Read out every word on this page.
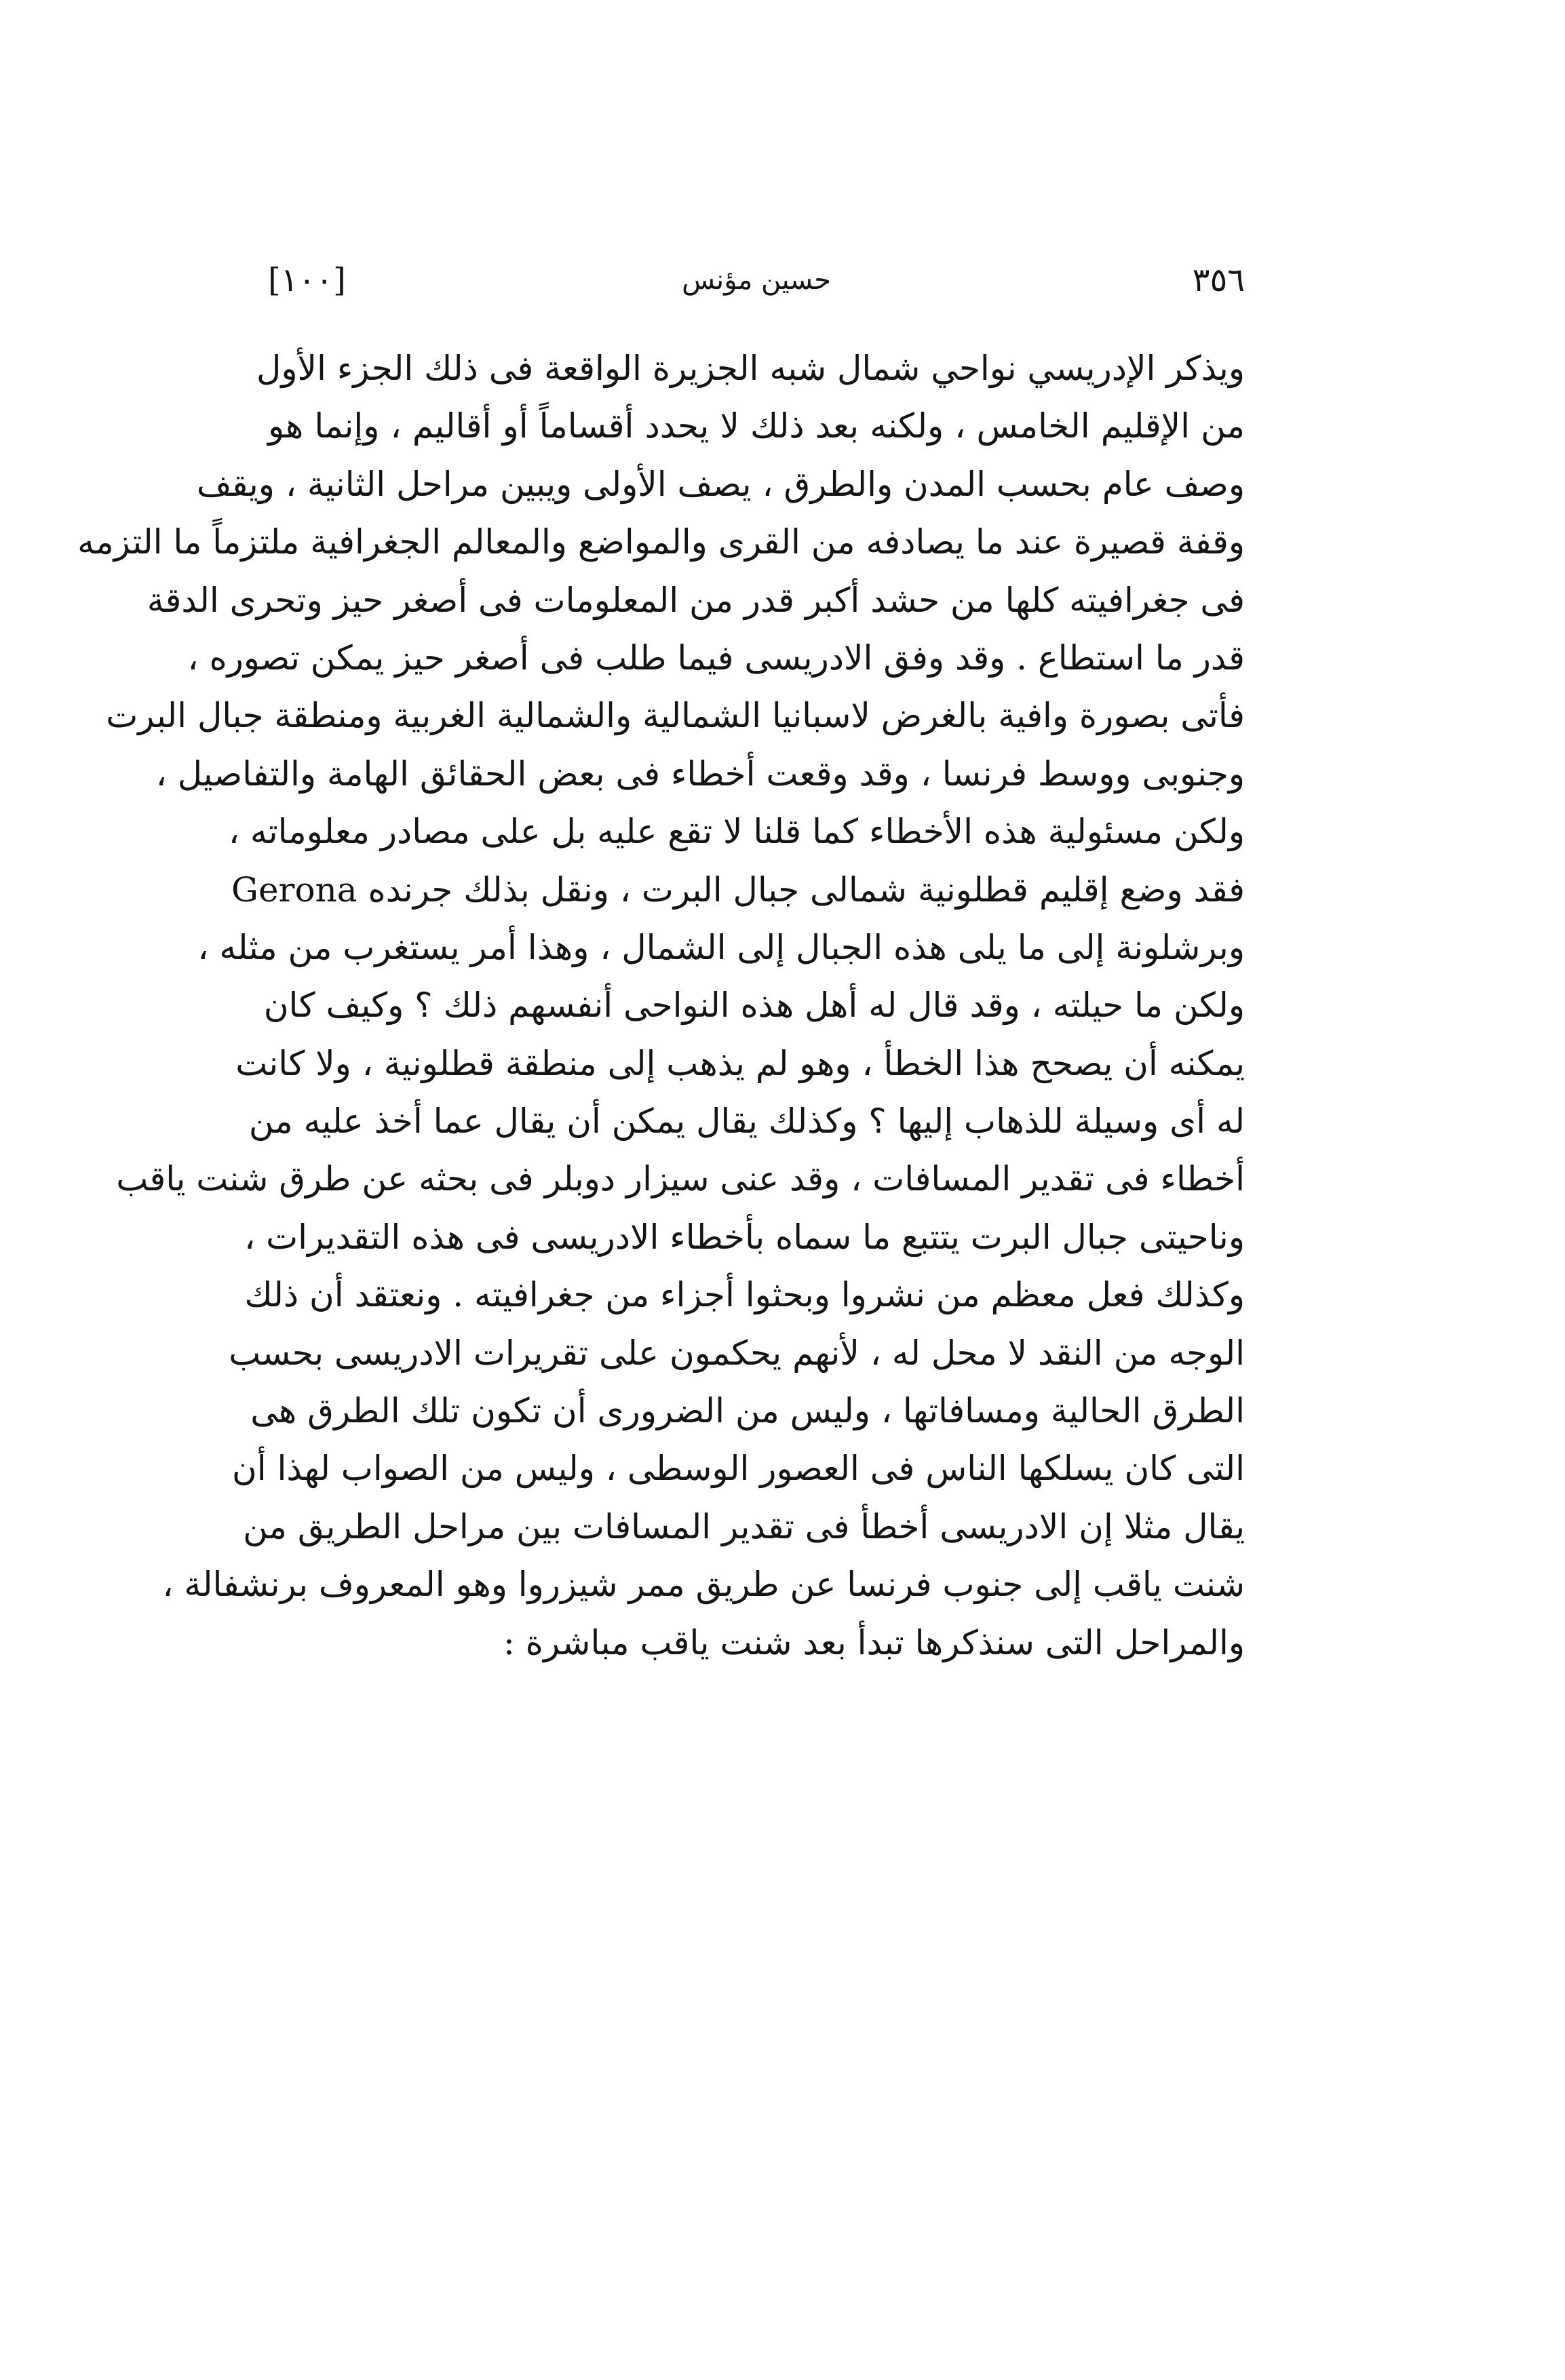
[١٠٠]	حسين مؤنس	٣٥٦
ويذكر الإدريسي نواحي شمال شبه الجزيرة الواقعة فى ذلك الجزء الأول
من الإقليم الخامس ، ولكنه بعد ذلك لا يحدد أقساماً أو أقاليم ، وإنما هو
وصف عام بحسب المدن والطرق ، يصف الأولى ويبين مراحل الثانية ، ويقف
وقفة قصيرة عند ما يصادفه من القرى والمواضع والمعالم الجغرافية ملتزماً ما التزمه
فى جغرافيته كلها من حشد أكبر قدر من المعلومات فى أصغر حيز وتحرى الدقة
قدر ما استطاع . وقد وفق الادريسى فيما طلب فى أصغر حيز يمكن تصوره ،
فأتى بصورة وافية بالغرض لاسبانيا الشمالية والشمالية الغربية ومنطقة جبال البرت
وجنوبى ووسط فرنسا ، وقد وقعت أخطاء فى بعض الحقائق الهامة والتفاصيل ،
ولكن مسئولية هذه الأخطاء كما قلنا لا تقع عليه بل على مصادر معلوماته ،
فقد وضع إقليم قطلونية شمالى جبال البرت ، ونقل بذلك جرنده Gerona
وبرشلونة إلى ما يلى هذه الجبال إلى الشمال ، وهذا أمر يستغرب من مثله ،
ولكن ما حيلته ، وقد قال له أهل هذه النواحى أنفسهم ذلك ؟ وكيف كان
يمكنه أن يصحح هذا الخطأ ، وهو لم يذهب إلى منطقة قطلونية ، ولا كانت
له أى وسيلة للذهاب إليها ؟ وكذلك يقال يمكن أن يقال عما أخذ عليه من
أخطاء فى تقدير المسافات ، وقد عنى سيزار دوبلر فى بحثه عن طرق شنت ياقب
وناحيتى جبال البرت يتتبع ما سماه بأخطاء الادريسى فى هذه التقديرات ،
وكذلك فعل معظم من نشروا وبحثوا أجزاء من جغرافيته . ونعتقد أن ذلك
الوجه من النقد لا محل له ، لأنهم يحكمون على تقريرات الادريسى بحسب
الطرق الحالية ومسافاتها ، وليس من الضرورى أن تكون تلك الطرق هى
التى كان يسلكها الناس فى العصور الوسطى ، وليس من الصواب لهذا أن
يقال مثلا إن الادريسى أخطأ فى تقدير المسافات بين مراحل الطريق من
شنت ياقب إلى جنوب فرنسا عن طريق ممر شيزروا وهو المعروف برنشفالة ،
والمراحل التى سنذكرها تبدأ بعد شنت ياقب مباشرة :
